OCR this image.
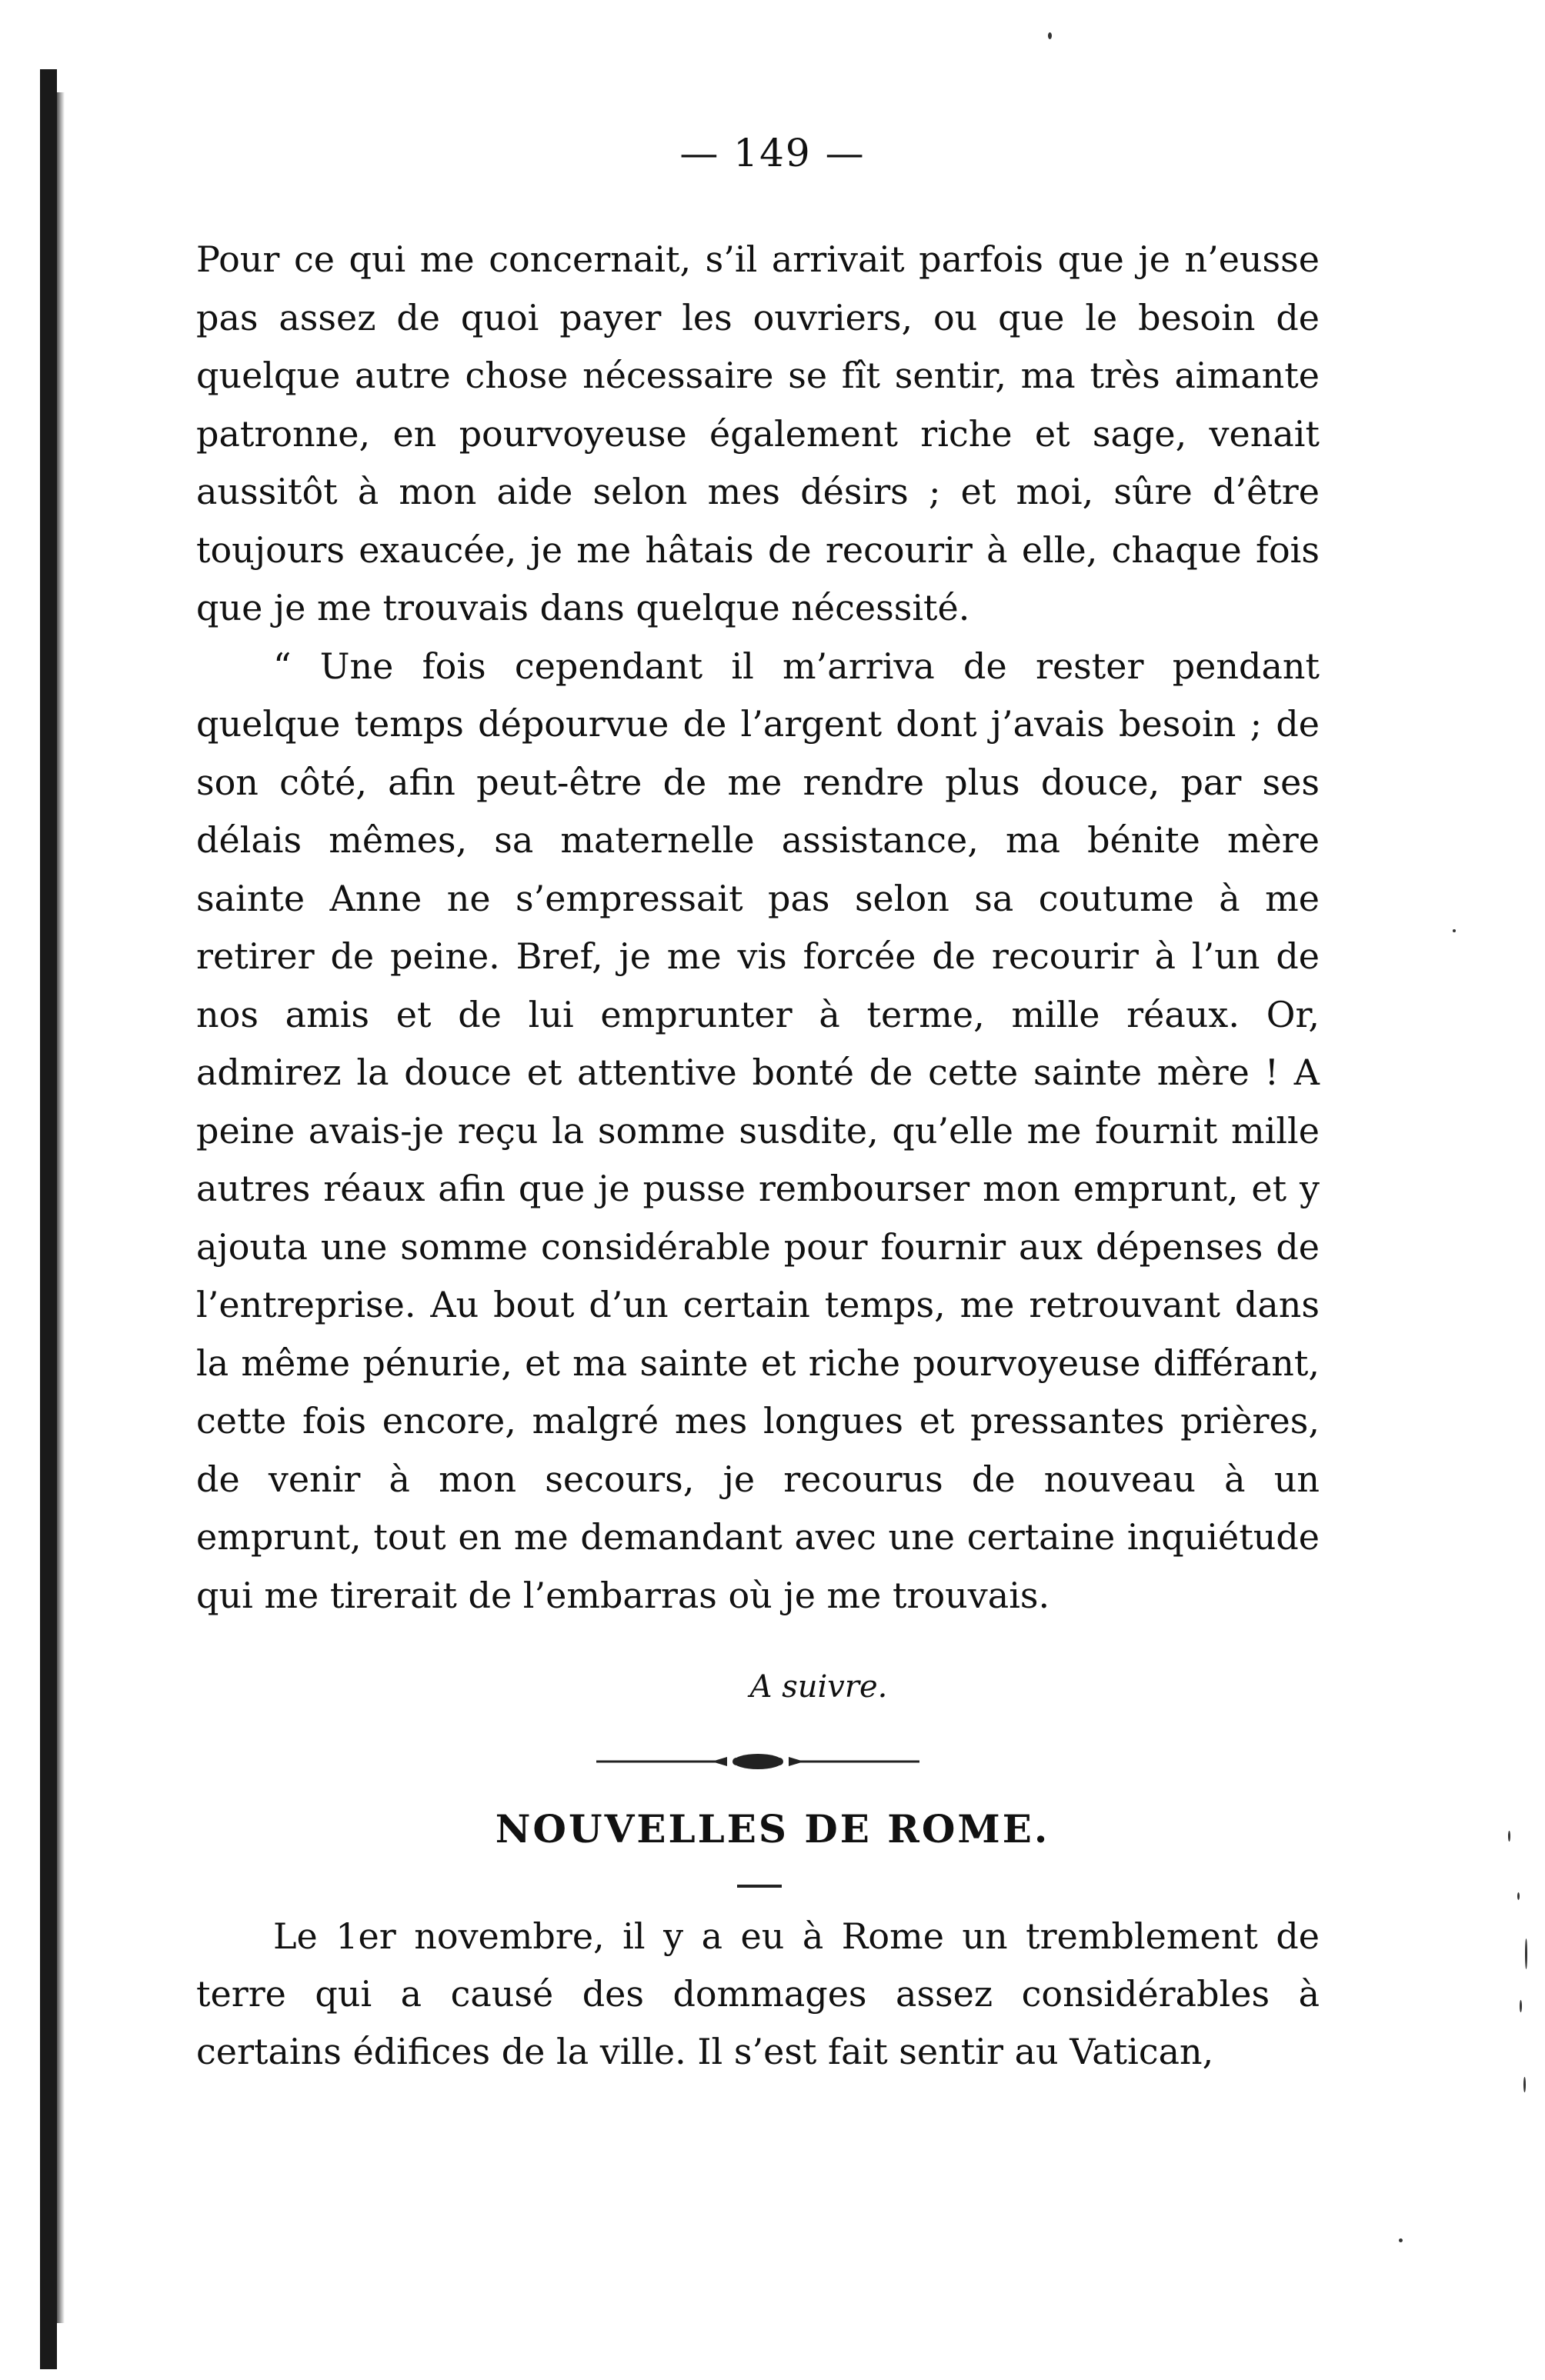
— 149 —

Pour ce qui me concernait, s’il arrivait parfois que je n’eusse pas assez de quoi payer les ouvriers, ou que le besoin de quelque autre chose nécessaire se fît sentir, ma très aimante patronne, en pourvoyeuse également riche et sage, venait aussitôt à mon aide selon mes désirs ; et moi, sûre d’être toujours exaucée, je me hâtais de recourir à elle, chaque fois que je me trouvais dans quelque nécessité.

“ Une fois cependant il m’arriva de rester pendant quelque temps dépourvue de l’argent dont j’avais besoin ; de son côté, afin peut-être de me rendre plus douce, par ses délais mêmes, sa maternelle assistance, ma bénite mère sainte Anne ne s’empressait pas selon sa coutume à me retirer de peine. Bref, je me vis forcée de recourir à l’un de nos amis et de lui emprunter à terme, mille réaux. Or, admirez la douce et attentive bonté de cette sainte mère ! A peine avais-je reçu la somme susdite, qu’elle me fournit mille autres réaux afin que je pusse rembourser mon emprunt, et y ajouta une somme considérable pour fournir aux dépenses de l’entreprise. Au bout d’un certain temps, me retrouvant dans la même pénurie, et ma sainte et riche pourvoyeuse différant, cette fois encore, malgré mes longues et pressantes prières, de venir à mon secours, je recourus de nouveau à un emprunt, tout en me demandant avec une certaine inquiétude qui me tirerait de l’embarras où je me trouvais.

A suivre.
NOUVELLES DE ROME.

Le 1er novembre, il y a eu à Rome un tremblement de terre qui a causé des dommages assez considérables à certains édifices de la ville. Il s’est fait sentir au Vatican,
